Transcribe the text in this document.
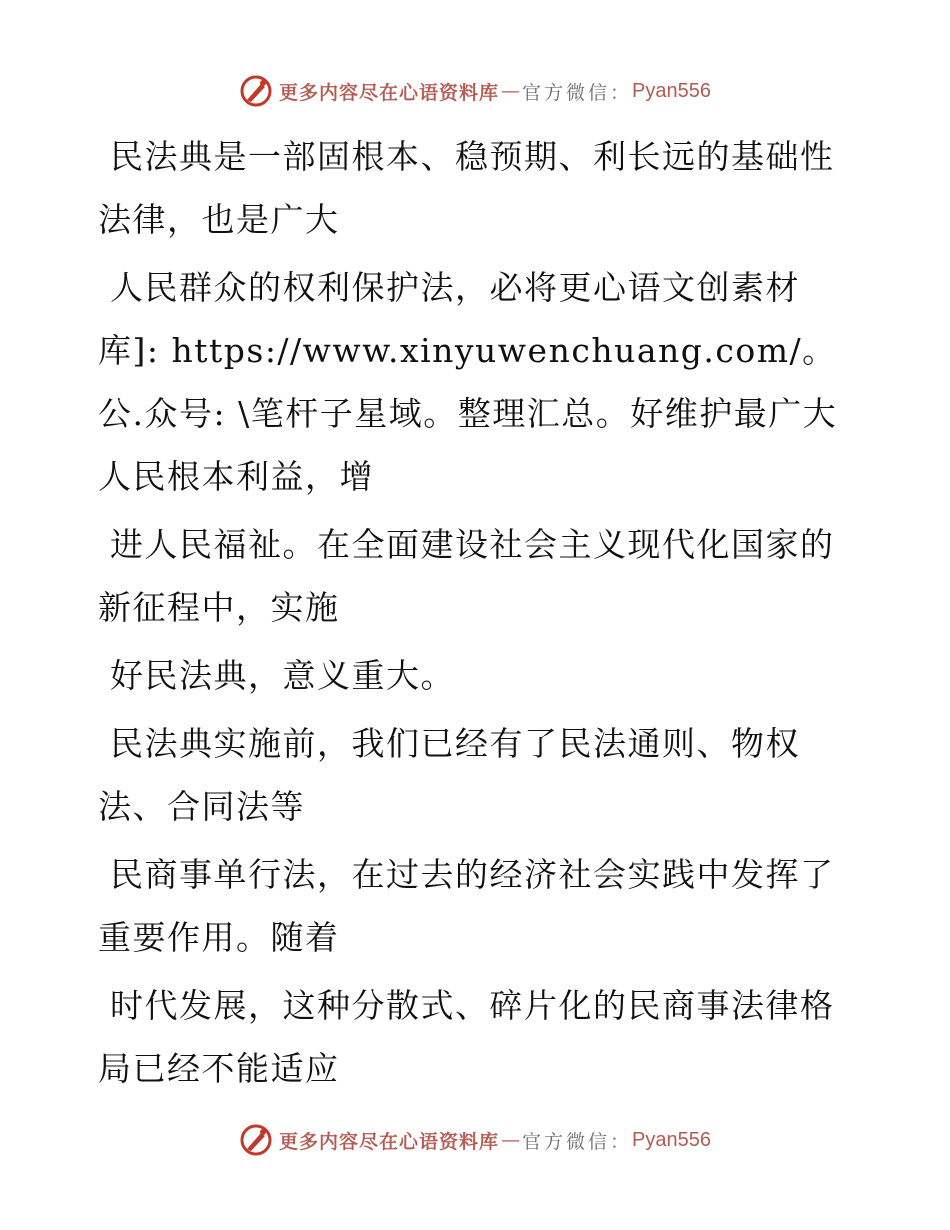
更多内容尽在心语资料库 — 官方微信： Pyan556

民法典是一部固根本、稳预期、利长远的基础性法律，也是广大

人民群众的权利保护法，必将更心语文创素材库]: https://www.xinyuwenchuang.com/。公.众号: \笔杆子星域。整理汇总。好维护最广大人民根本利益，增

进人民福祉。在全面建设社会主义现代化国家的新征程中，实施

好民法典，意义重大。

民法典实施前，我们已经有了民法通则、物权法、合同法等

民商事单行法，在过去的经济社会实践中发挥了重要作用。随着

时代发展，这种分散式、碎片化的民商事法律格局已经不能适应

更多内容尽在心语资料库 — 官方微信： Pyan556
